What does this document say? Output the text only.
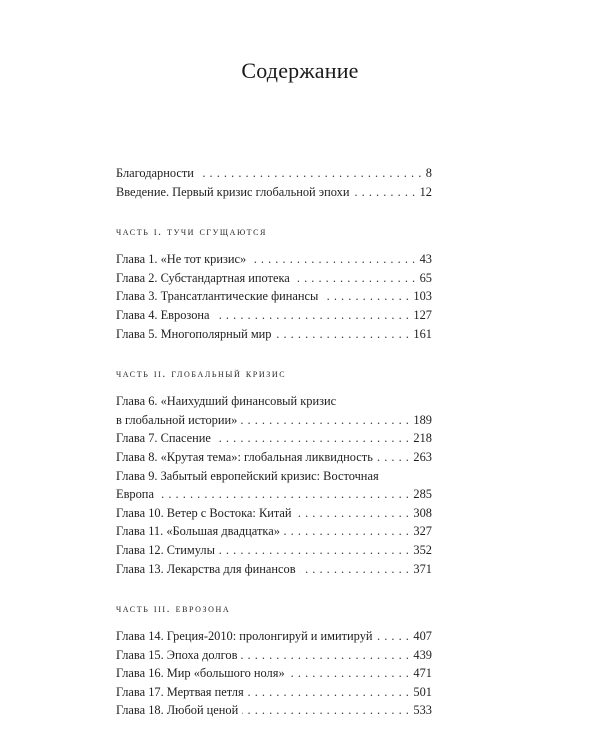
Содержание
Благодарности . . .	8
Введение. Первый кризис глобальной эпохи . . .	12
часть i. тучи сгущаются
Глава 1. «Не тот кризис» . . .	43
Глава 2. Субстандартная ипотека . . .	65
Глава 3. Трансатлантические финансы . . .	103
Глава 4. Еврозона . . .	127
Глава 5. Многополярный мир . . .	161
часть ii. глобальный кризис
Глава 6. «Наихудший финансовый кризис
в глобальной истории» . . .	189
Глава 7. Спасение . . .	218
Глава 8. «Крутая тема»: глобальная ликвидность . . .	263
Глава 9. Забытый европейский кризис: Восточная
Европа . . .	285
Глава 10. Ветер с Востока: Китай . . .	308
Глава 11. «Большая двадцатка» . . .	327
Глава 12. Стимулы . . .	352
Глава 13. Лекарства для финансов . . .	371
часть iii. еврозона
Глава 14. Греция-2010: пролонгируй и имитируй . . .	407
Глава 15. Эпоха долгов . . .	439
Глава 16. Мир «большого ноля» . . .	471
Глава 17. Мертвая петля . . .	501
Глава 18. Любой ценой . . .	533
